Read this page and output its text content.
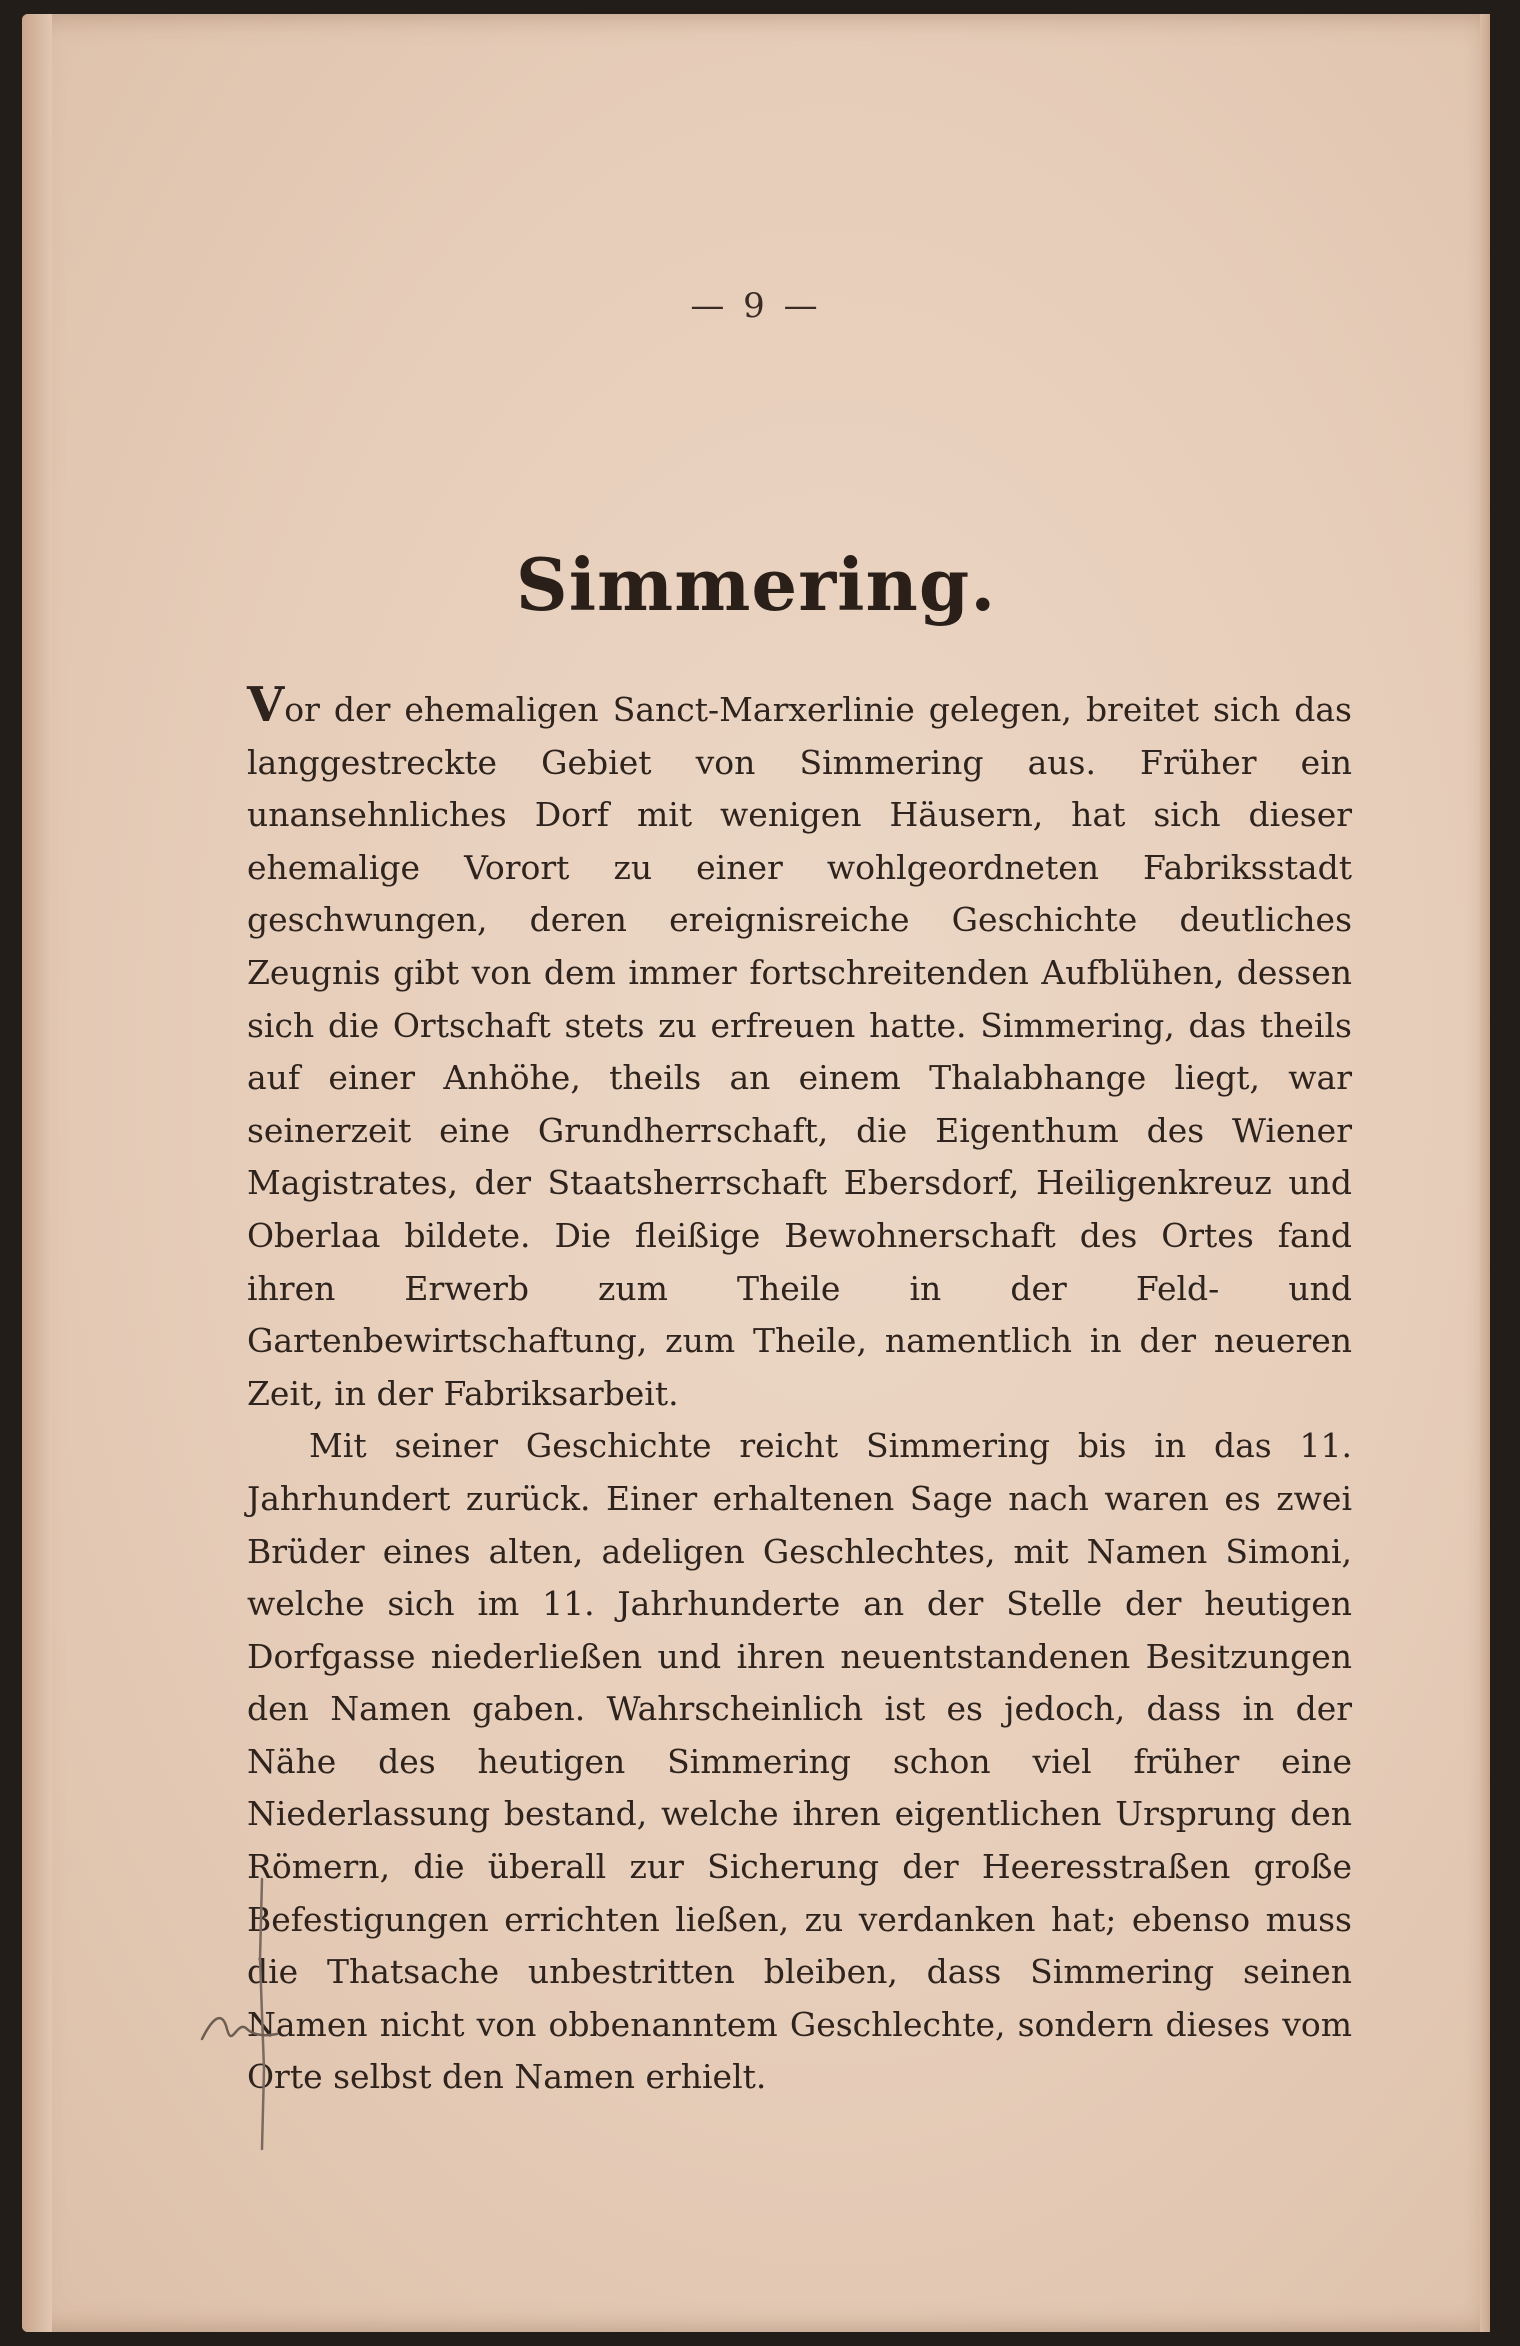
— 9 —
Simmering.

Vor der ehemaligen Sanct-Marxerlinie gelegen, breitet sich das langgestreckte Gebiet von Simmering aus. Früher ein unansehnliches Dorf mit wenigen Häusern, hat sich dieser ehemalige Vorort zu einer wohlgeordneten Fabriksstadt geschwungen, deren ereignisreiche Geschichte deutliches Zeugnis gibt von dem immer fortschreitenden Aufblühen, dessen sich die Ortschaft stets zu erfreuen hatte. Simmering, das theils auf einer Anhöhe, theils an einem Thalabhange liegt, war seinerzeit eine Grundherrschaft, die Eigenthum des Wiener Magistrates, der Staatsherrschaft Ebersdorf, Heiligenkreuz und Oberlaa bildete. Die fleißige Bewohnerschaft des Ortes fand ihren Erwerb zum Theile in der Feld- und Gartenbewirtschaftung, zum Theile, namentlich in der neueren Zeit, in der Fabriksarbeit.

Mit seiner Geschichte reicht Simmering bis in das 11. Jahrhundert zurück. Einer erhaltenen Sage nach waren es zwei Brüder eines alten, adeligen Geschlechtes, mit Namen Simoni, welche sich im 11. Jahrhunderte an der Stelle der heutigen Dorfgasse niederließen und ihren neuentstandenen Besitzungen den Namen gaben. Wahrscheinlich ist es jedoch, dass in der Nähe des heutigen Simmering schon viel früher eine Niederlassung bestand, welche ihren eigentlichen Ursprung den Römern, die überall zur Sicherung der Heeresstraßen große Befestigungen errichten ließen, zu verdanken hat; ebenso muss die Thatsache unbestritten bleiben, dass Simmering seinen Namen nicht von obbenanntem Geschlechte, sondern dieses vom Orte selbst den Namen erhielt.
